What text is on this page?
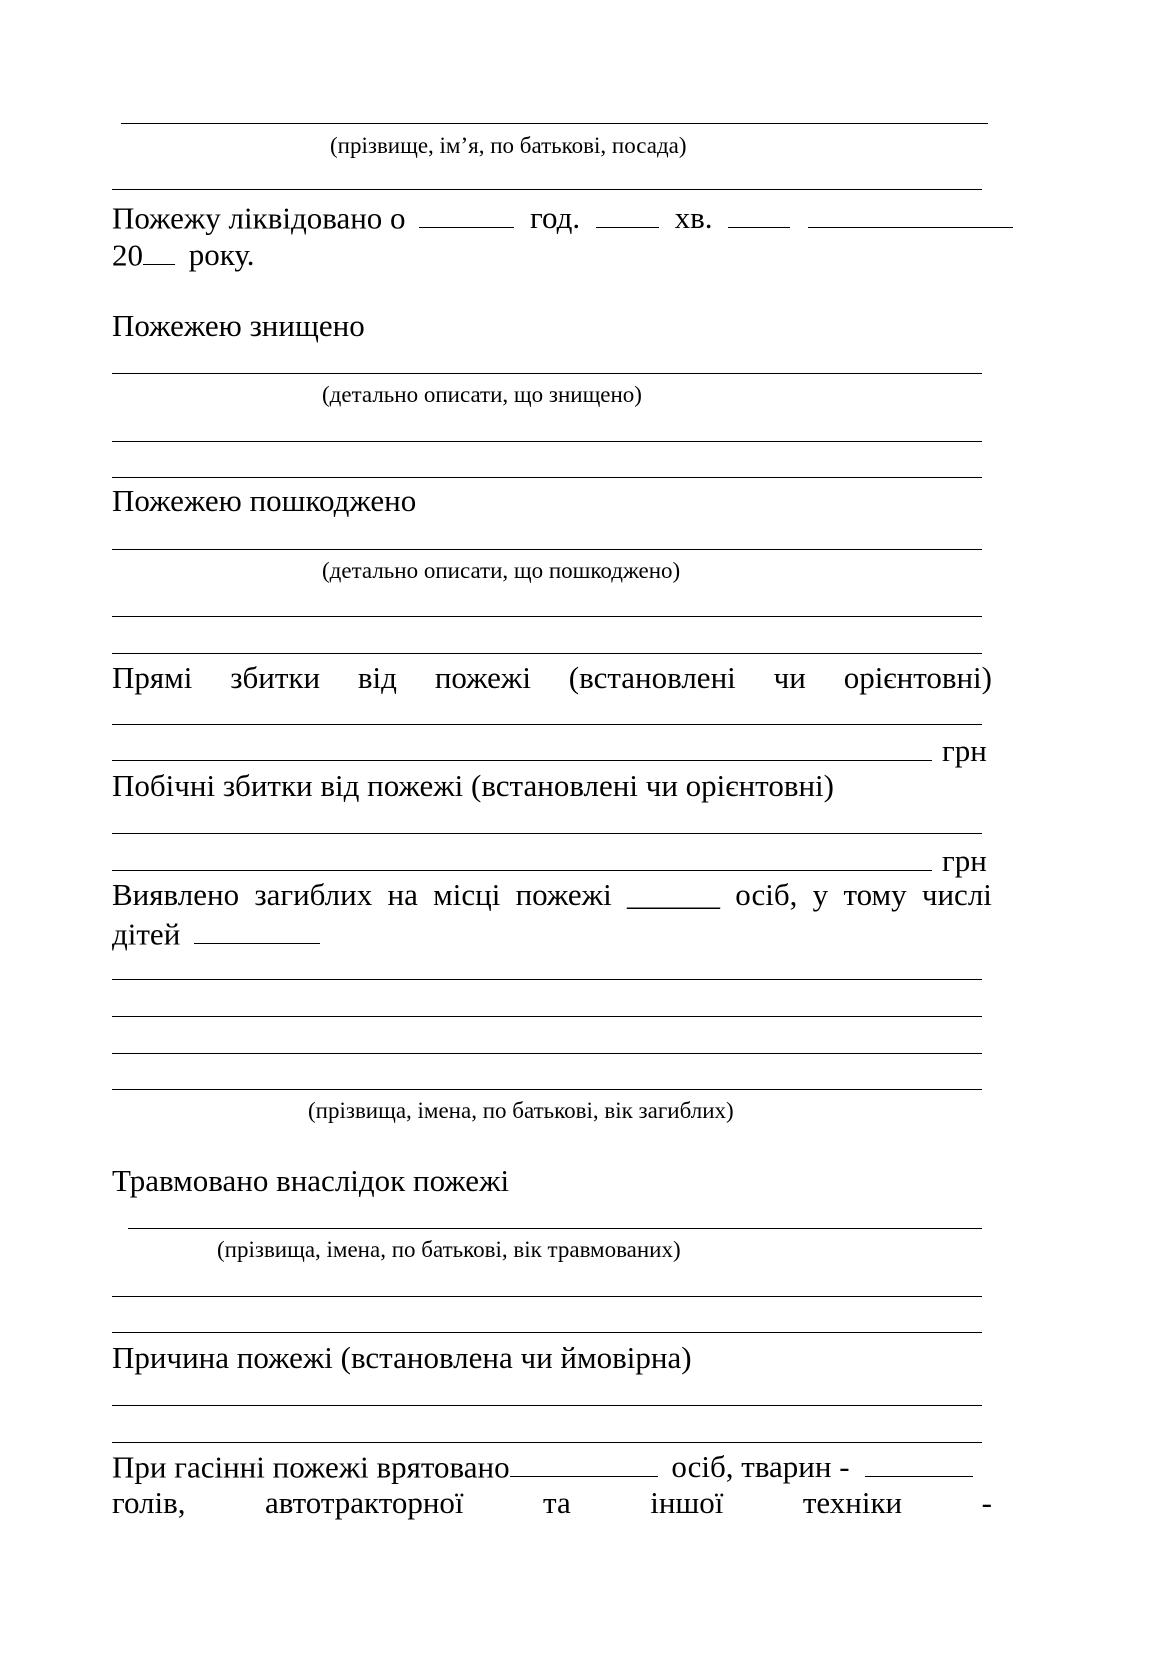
(прізвище, ім’я, по батькові, посада)
Пожежу ліквідовано о	год.	хв.
20 року.
Пожежею знищено
(детально описати, що знищено)
Пожежею пошкоджено
(детально описати, що пошкоджено)
Прямі збитки від пожежі (встановлені чи орієнтовні)
грн
Побічні збитки від пожежі (встановлені чи орієнтовні)
грн
Виявлено загиблих на місці пожежі ______ осіб, у тому числі
дітей
(прізвища, імена, по батькові, вік загиблих)
Травмовано внаслідок пожежі
(прізвища, імена, по батькові, вік травмованих)
Причина пожежі (встановлена чи ймовірна)
При гасінні пожежі врятовано	осіб, тварин -
голів,	автотракторної	та	іншої	техніки	-
